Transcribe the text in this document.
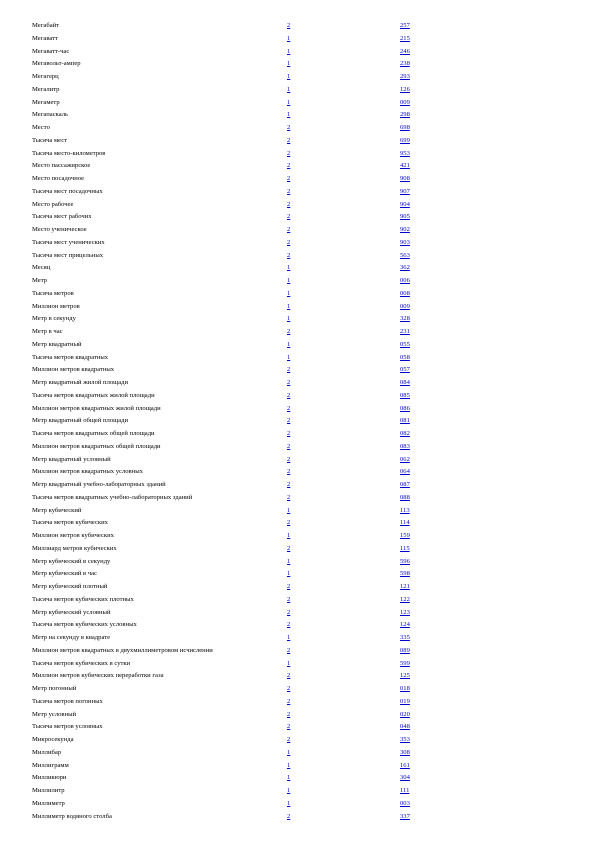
Мегабайт	2	257
Мегаватт	1	215
Мегаватт-час	1	246
Мегавольт-ампер	1	238
Мегагерц	1	293
Мегалитр	1	126
Мегаметр	1	009
Мегапаскаль	1	298
Место	2	698
Тысяча мест	2	699
Тысяча место-километров	2	953
Место пассажирское	2	421
Место посадочное	2	908
Тысяча мест посадочных	2	907
Место рабочее	2	904
Тысяча мест рабочих	2	905
Место ученическое	2	902
Тысяча мест ученических	2	903
Тысяча мест прицельных	2	563
Месяц	1	362
Метр	1	006
Тысяча метров	1	008
Миллион метров	1	009
Метр в секунду	1	328
Метр в час	2	231
Метр квадратный	1	055
Тысяча метров квадратных	1	058
Миллион метров квадратных	2	057
Метр квадратный жилой площади	2	084
Тысяча метров квадратных жилой площади	2	085
Миллион метров квадратных жилой площади	2	086
Метр квадратный общей площади	2	081
Тысяча метров квадратных общей площади	2	082
Миллион метров квадратных общей площади	2	083
Метр квадратный условный	2	062
Миллион метров квадратных условных	2	064
Метр квадратный учебно-лабораторных зданий	2	087
Тысяча метров квадратных учебно-лабораторных зданий	2	088
Метр кубический	1	113
Тысяча метров кубических	2	114
Миллион метров кубических	1	159
Миллиард метров кубических	2	115
Метр кубический в секунду	1	596
Метр кубический в час	1	598
Метр кубический плотный	2	121
Тысяча метров кубических плотных	2	122
Метр кубический условный	2	123
Тысяча метров кубических условных	2	124
Метр на секунду в квадрате	1	335
Миллион метров квадратных в двухмиллиметровом исчислении	2	089
Тысяча метров кубических в сутки	1	599
Миллион метров кубических переработки газа	2	125
Метр погонный	2	018
Тысяча метров погонных	2	019
Метр условный	2	020
Тысяча метров условных	2	048
Микросекунда	2	353
Миллибар	1	308
Миллиграмм	1	161
Милликюри	1	304
Миллилитр	1	111
Миллиметр	1	003
Миллиметр водяного столба	2	337
